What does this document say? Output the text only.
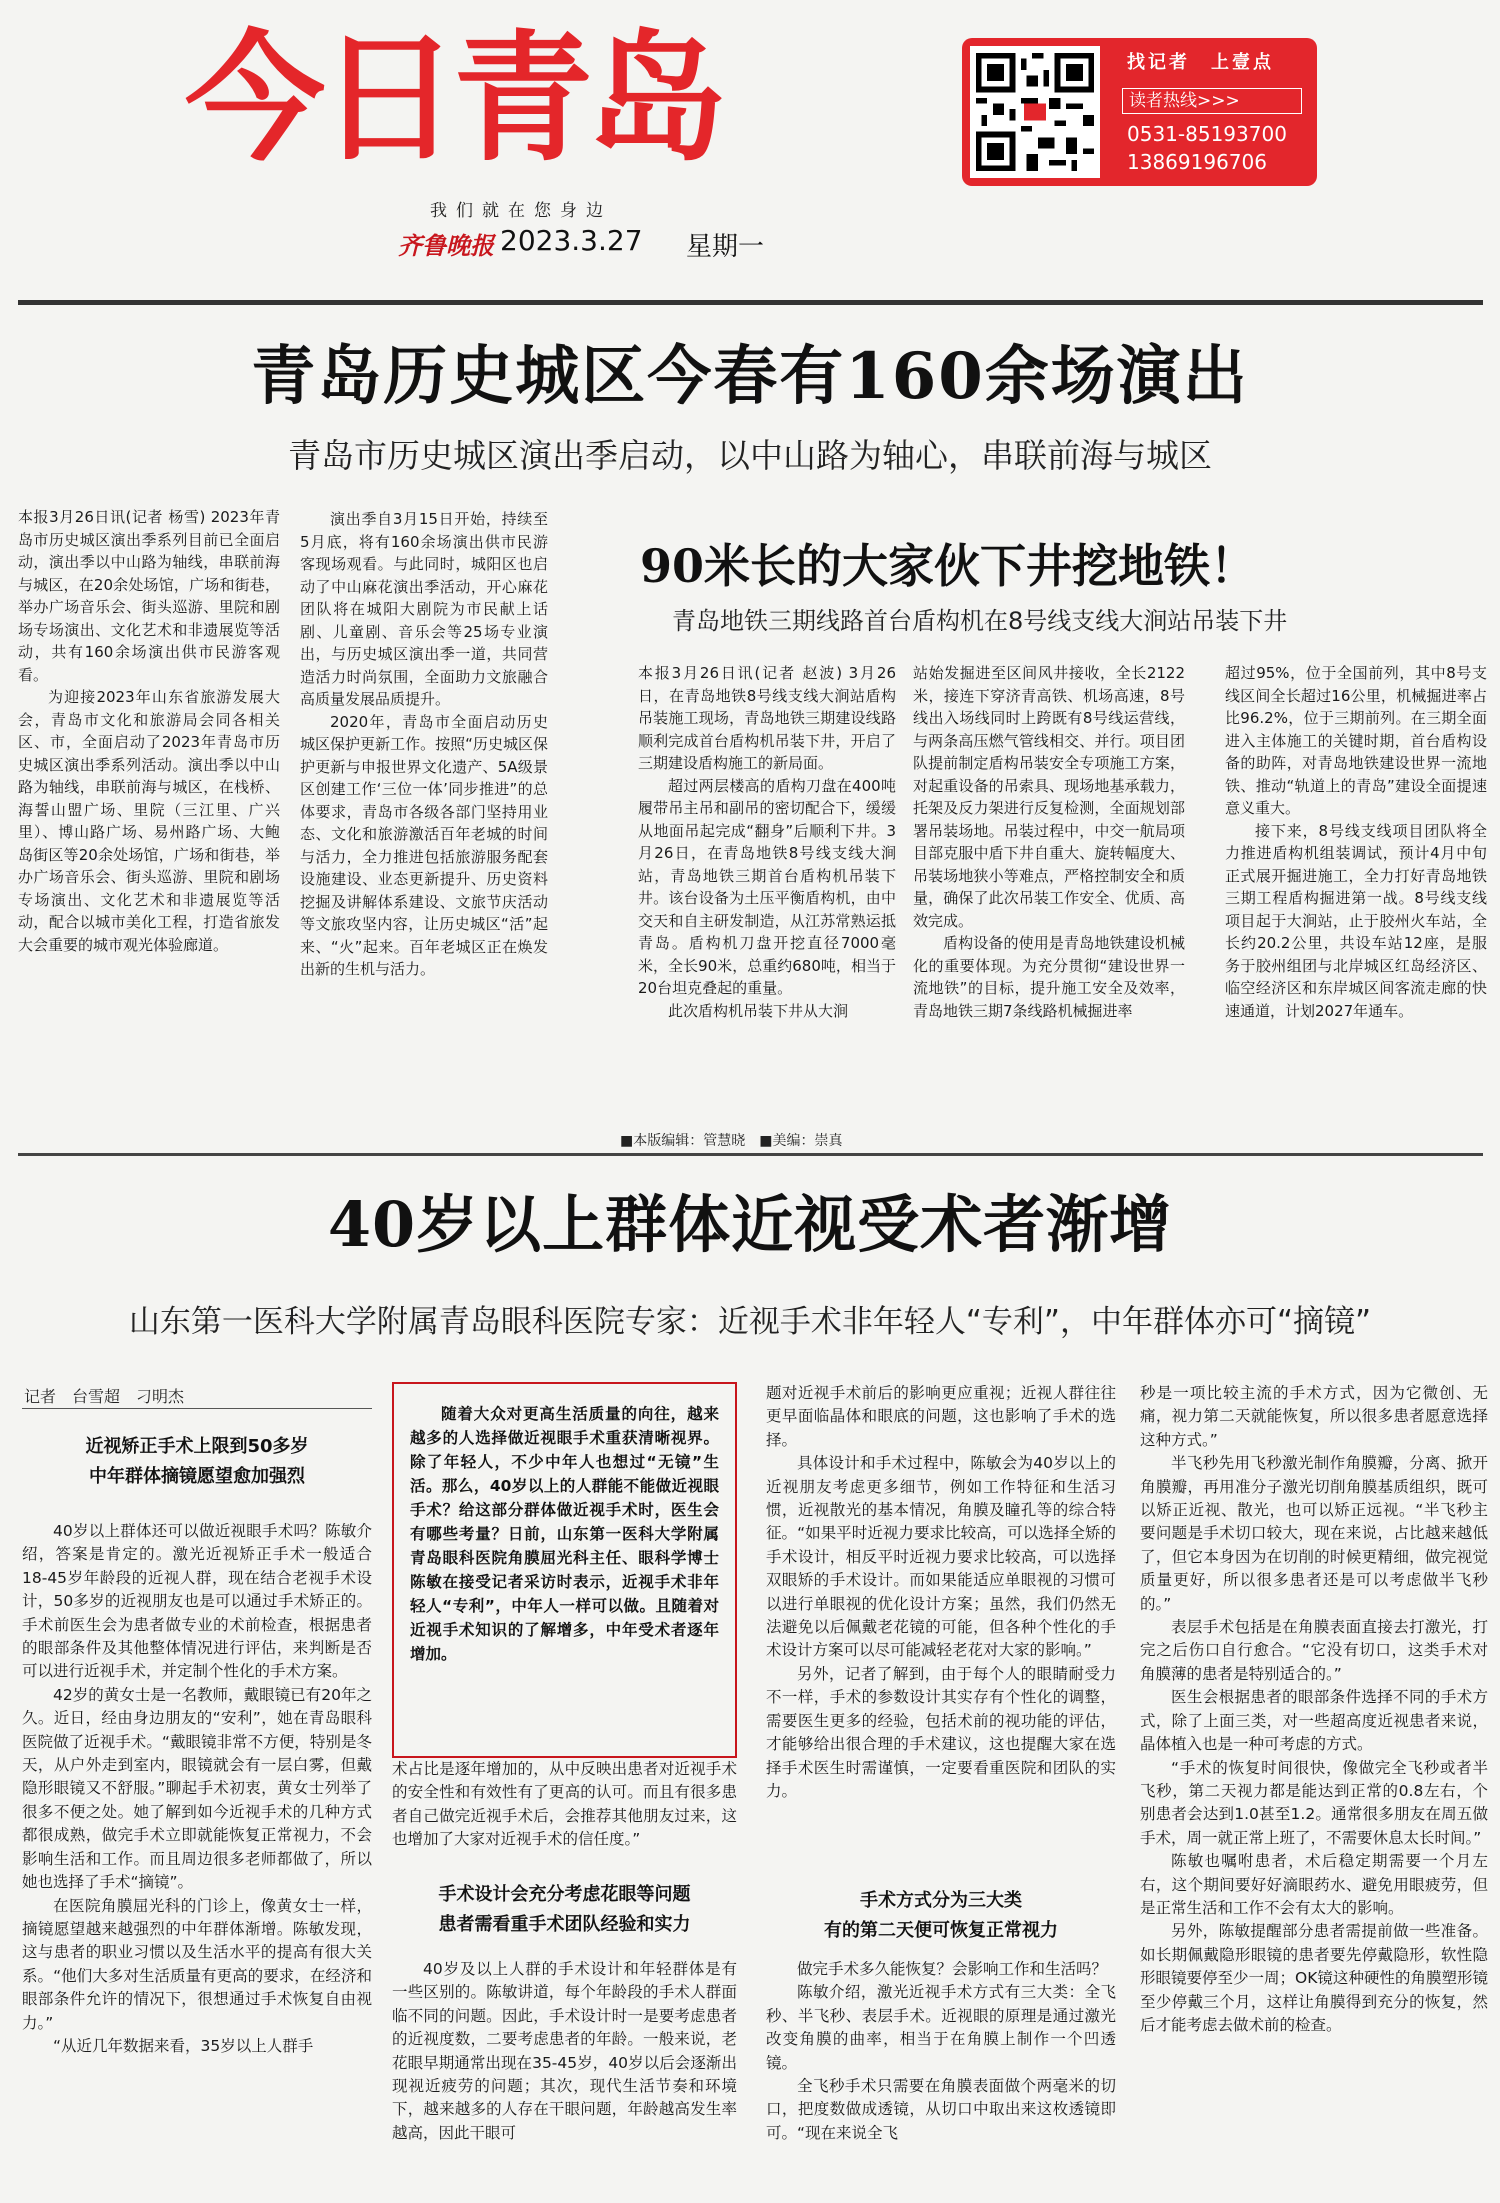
今日青岛
我们就在您身边
齐鲁晚报 2023.3.27 星期一
找记者　上壹点
读者热线>>>
0531-85193700
13869196706
青岛历史城区今春有160余场演出
青岛市历史城区演出季启动，以中山路为轴心，串联前海与城区

本报3月26日讯(记者 杨雪) 2023年青岛市历史城区演出季系列目前已全面启动，演出季以中山路为轴线，串联前海与城区，在20余处场馆，广场和街巷，举办广场音乐会、街头巡游、里院和剧场专场演出、文化艺术和非遗展览等活动，共有160余场演出供市民游客观看。

为迎接2023年山东省旅游发展大会，青岛市文化和旅游局会同各相关区、市，全面启动了2023年青岛市历史城区演出季系列活动。演出季以中山路为轴线，串联前海与城区，在栈桥、海誓山盟广场、里院（三江里、广兴里）、博山路广场、易州路广场、大鲍岛街区等20余处场馆，广场和街巷，举办广场音乐会、街头巡游、里院和剧场专场演出、文化艺术和非遗展览等活动，配合以城市美化工程，打造省旅发大会重要的城市观光体验廊道。

演出季自3月15日开始，持续至5月底，将有160余场演出供市民游客现场观看。与此同时，城阳区也启动了中山麻花演出季活动，开心麻花团队将在城阳大剧院为市民献上话剧、儿童剧、音乐会等25场专业演出，与历史城区演出季一道，共同营造活力时尚氛围，全面助力文旅融合高质量发展品质提升。

2020年，青岛市全面启动历史城区保护更新工作。按照“历史城区保护更新与申报世界文化遗产、5A级景区创建工作‘三位一体’同步推进”的总体要求，青岛市各级各部门坚持用业态、文化和旅游激活百年老城的时间与活力，全力推进包括旅游服务配套设施建设、业态更新提升、历史资料挖掘及讲解体系建设、文旅节庆活动等文旅攻坚内容，让历史城区“活”起来、“火”起来。百年老城区正在焕发出新的生机与活力。

90米长的大家伙下井挖地铁！
青岛地铁三期线路首台盾构机在8号线支线大涧站吊装下井

本报3月26日讯(记者 赵波) 3月26日，在青岛地铁8号线支线大涧站盾构吊装施工现场，青岛地铁三期建设线路顺利完成首台盾构机吊装下井，开启了三期建设盾构施工的新局面。

超过两层楼高的盾构刀盘在400吨履带吊主吊和副吊的密切配合下，缓缓从地面吊起完成“翻身”后顺利下井。3月26日，在青岛地铁8号线支线大涧站，青岛地铁三期首台盾构机吊装下井。该台设备为土压平衡盾构机，由中交天和自主研发制造，从江苏常熟运抵青岛。盾构机刀盘开挖直径7000毫米，全长90米，总重约680吨，相当于20台坦克叠起的重量。

此次盾构机吊装下井从大涧

站始发掘进至区间风井接收，全长2122米，接连下穿济青高铁、机场高速，8号线出入场线同时上跨既有8号线运营线，与两条高压燃气管线相交、并行。项目团队提前制定盾构吊装安全专项施工方案，对起重设备的吊索具、现场地基承载力，托架及反力架进行反复检测，全面规划部署吊装场地。吊装过程中，中交一航局项目部克服中盾下井自重大、旋转幅度大、吊装场地狭小等难点，严格控制安全和质量，确保了此次吊装工作安全、优质、高效完成。

盾构设备的使用是青岛地铁建设机械化的重要体现。为充分贯彻“建设世界一流地铁”的目标，提升施工安全及效率，青岛地铁三期7条线路机械掘进率

超过95%，位于全国前列，其中8号支线区间全长超过16公里，机械掘进率占比96.2%，位于三期前列。在三期全面进入主体施工的关键时期，首台盾构设备的助阵，对青岛地铁建设世界一流地铁、推动“轨道上的青岛”建设全面提速意义重大。

接下来，8号线支线项目团队将全力推进盾构机组装调试，预计4月中旬正式展开掘进施工，全力打好青岛地铁三期工程盾构掘进第一战。8号线支线项目起于大涧站，止于胶州火车站，全长约20.2公里，共设车站12座，是服务于胶州组团与北岸城区红岛经济区、临空经济区和东岸城区间客流走廊的快速通道，计划2027年通车。

■本版编辑：管慧晓　■美编：崇真
40岁以上群体近视受术者渐增
山东第一医科大学附属青岛眼科医院专家：近视手术非年轻人“专利”，中年群体亦可“摘镜”
记者　台雪超　刁明杰
近视矫正手术上限到50多岁
中年群体摘镜愿望愈加强烈

40岁以上群体还可以做近视眼手术吗？陈敏介绍，答案是肯定的。激光近视矫正手术一般适合18-45岁年龄段的近视人群，现在结合老视手术设计，50多岁的近视朋友也是可以通过手术矫正的。手术前医生会为患者做专业的术前检查，根据患者的眼部条件及其他整体情况进行评估，来判断是否可以进行近视手术，并定制个性化的手术方案。

42岁的黄女士是一名教师，戴眼镜已有20年之久。近日，经由身边朋友的“安利”，她在青岛眼科医院做了近视手术。“戴眼镜非常不方便，特别是冬天，从户外走到室内，眼镜就会有一层白雾，但戴隐形眼镜又不舒服。”聊起手术初衷，黄女士列举了很多不便之处。她了解到如今近视手术的几种方式都很成熟，做完手术立即就能恢复正常视力，不会影响生活和工作。而且周边很多老师都做了，所以她也选择了手术“摘镜”。

在医院角膜屈光科的门诊上，像黄女士一样，摘镜愿望越来越强烈的中年群体渐增。陈敏发现，这与患者的职业习惯以及生活水平的提高有很大关系。“他们大多对生活质量有更高的要求，在经济和眼部条件允许的情况下，很想通过手术恢复自由视力。”

“从近几年数据来看，35岁以上人群手

随着大众对更高生活质量的向往，越来越多的人选择做近视眼手术重获清晰视界。除了年轻人，不少中年人也想过“无镜”生活。那么，40岁以上的人群能不能做近视眼手术？给这部分群体做近视手术时，医生会有哪些考量？日前，山东第一医科大学附属青岛眼科医院角膜屈光科主任、眼科学博士陈敏在接受记者采访时表示，近视手术非年轻人“专利”，中年人一样可以做。且随着对近视手术知识的了解增多，中年受术者逐年增加。

术占比是逐年增加的，从中反映出患者对近视手术的安全性和有效性有了更高的认可。而且有很多患者自己做完近视手术后，会推荐其他朋友过来，这也增加了大家对近视手术的信任度。”

手术设计会充分考虑花眼等问题
患者需看重手术团队经验和实力

40岁及以上人群的手术设计和年轻群体是有一些区别的。陈敏讲道，每个年龄段的手术人群面临不同的问题。因此，手术设计时一是要考虑患者的近视度数，二要考虑患者的年龄。一般来说，老花眼早期通常出现在35-45岁，40岁以后会逐渐出现视近疲劳的问题；其次，现代生活节奏和环境下，越来越多的人存在干眼问题，年龄越高发生率越高，因此干眼可

题对近视手术前后的影响更应重视；近视人群往往更早面临晶体和眼底的问题，这也影响了手术的选择。

具体设计和手术过程中，陈敏会为40岁以上的近视朋友考虑更多细节，例如工作特征和生活习惯，近视散光的基本情况，角膜及瞳孔等的综合特征。“如果平时近视力要求比较高，可以选择全矫的手术设计，相反平时近视力要求比较高，可以选择双眼矫的手术设计。而如果能适应单眼视的习惯可以进行单眼视的优化设计方案；虽然，我们仍然无法避免以后佩戴老花镜的可能，但各种个性化的手术设计方案可以尽可能减轻老花对大家的影响。”

另外，记者了解到，由于每个人的眼睛耐受力不一样，手术的参数设计其实存有个性化的调整，需要医生更多的经验，包括术前的视功能的评估，才能够给出很合理的手术建议，这也提醒大家在选择手术医生时需谨慎，一定要看重医院和团队的实力。

手术方式分为三大类
有的第二天便可恢复正常视力

做完手术多久能恢复？会影响工作和生活吗？

陈敏介绍，激光近视手术方式有三大类：全飞秒、半飞秒、表层手术。近视眼的原理是通过激光改变角膜的曲率，相当于在角膜上制作一个凹透镜。

全飞秒手术只需要在角膜表面做个两毫米的切口，把度数做成透镜，从切口中取出来这枚透镜即可。“现在来说全飞

秒是一项比较主流的手术方式，因为它微创、无痛，视力第二天就能恢复，所以很多患者愿意选择这种方式。”

半飞秒先用飞秒激光制作角膜瓣，分离、掀开角膜瓣，再用准分子激光切削角膜基质组织，既可以矫正近视、散光，也可以矫正远视。“半飞秒主要问题是手术切口较大，现在来说，占比越来越低了，但它本身因为在切削的时候更精细，做完视觉质量更好，所以很多患者还是可以考虑做半飞秒的。”

表层手术包括是在角膜表面直接去打激光，打完之后伤口自行愈合。“它没有切口，这类手术对角膜薄的患者是特别适合的。”

医生会根据患者的眼部条件选择不同的手术方式，除了上面三类，对一些超高度近视患者来说，晶体植入也是一种可考虑的方式。

“手术的恢复时间很快，像做完全飞秒或者半飞秒，第二天视力都是能达到正常的0.8左右，个别患者会达到1.0甚至1.2。通常很多朋友在周五做手术，周一就正常上班了，不需要休息太长时间。”

陈敏也嘱咐患者，术后稳定期需要一个月左右，这个期间要好好滴眼药水、避免用眼疲劳，但是正常生活和工作不会有太大的影响。

另外，陈敏提醒部分患者需提前做一些准备。如长期佩戴隐形眼镜的患者要先停戴隐形，软性隐形眼镜要停至少一周；OK镜这种硬性的角膜塑形镜至少停戴三个月，这样让角膜得到充分的恢复，然后才能考虑去做术前的检查。
